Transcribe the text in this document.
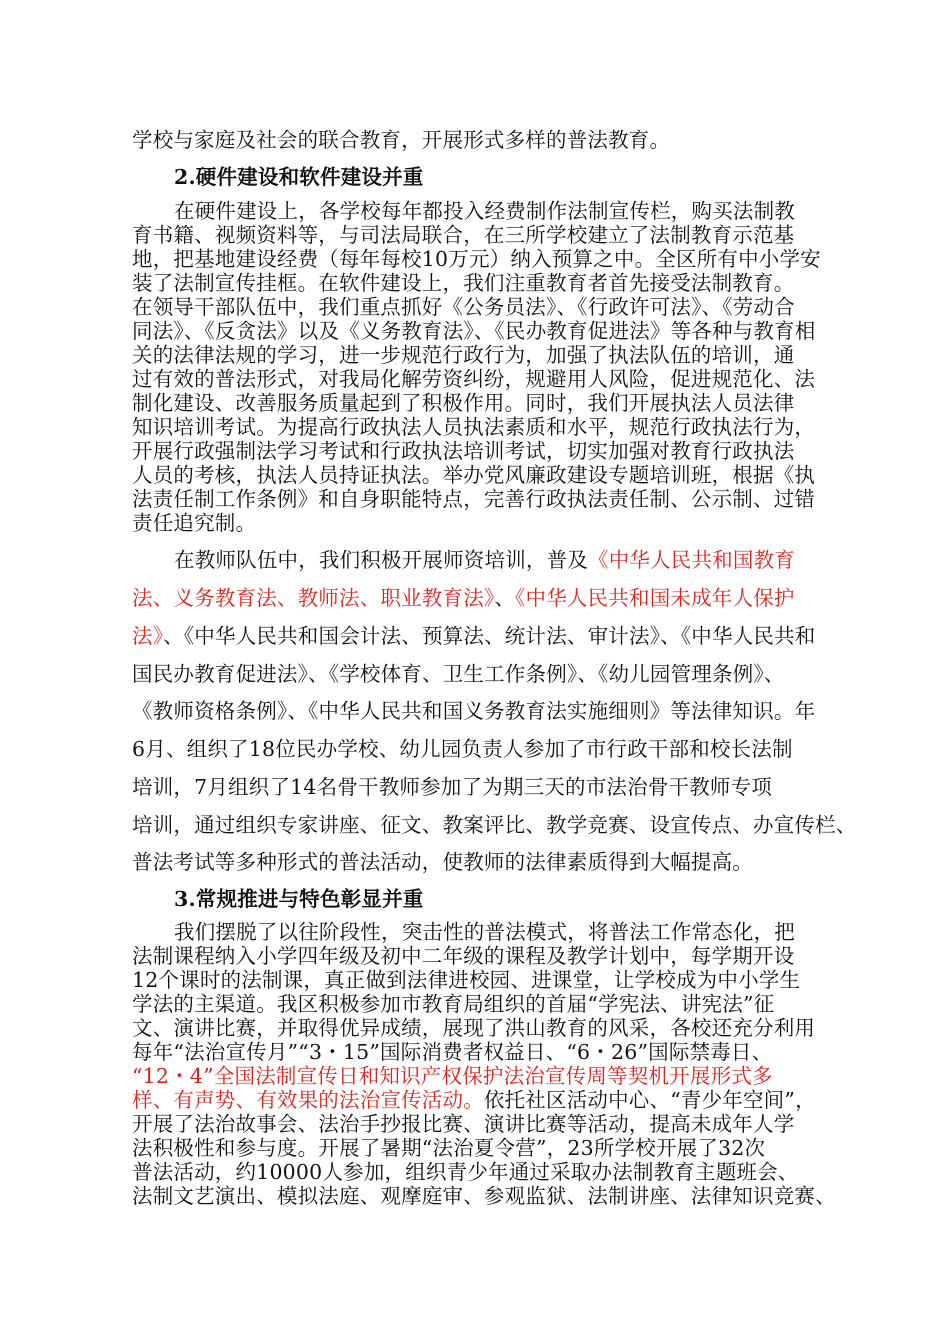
学校与家庭及社会的联合教育，开展形式多样的普法教育。
2.硬件建设和软件建设并重
在硬件建设上，各学校每年都投入经费制作法制宣传栏，购买法制教
育书籍、视频资料等，与司法局联合，在三所学校建立了法制教育示范基
地，把基地建设经费（每年每校10万元）纳入预算之中。全区所有中小学安
装了法制宣传挂框。在软件建设上，我们注重教育者首先接受法制教育。
在领导干部队伍中，我们重点抓好《公务员法》、《行政许可法》、《劳动合
同法》、《反贪法》以及《义务教育法》、《民办教育促进法》等各种与教育相
关的法律法规的学习，进一步规范行政行为，加强了执法队伍的培训，通
过有效的普法形式，对我局化解劳资纠纷，规避用人风险，促进规范化、法
制化建设、改善服务质量起到了积极作用。同时，我们开展执法人员法律
知识培训考试。为提高行政执法人员执法素质和水平，规范行政执法行为，
开展行政强制法学习考试和行政执法培训考试，切实加强对教育行政执法
人员的考核，执法人员持证执法。举办党风廉政建设专题培训班，根据《执
法责任制工作条例》和自身职能特点，完善行政执法责任制、公示制、过错
责任追究制。
在教师队伍中，我们积极开展师资培训，普及《中华人民共和国教育
法、义务教育法、教师法、职业教育法》、《中华人民共和国未成年人保护
法》、《中华人民共和国会计法、预算法、统计法、审计法》、《中华人民共和
国民办教育促进法》、《学校体育、卫生工作条例》、《幼儿园管理条例》、
《教师资格条例》、《中华人民共和国义务教育法实施细则》等法律知识。年
6月、组织了18位民办学校、幼儿园负责人参加了市行政干部和校长法制
培训，7月组织了14名骨干教师参加了为期三天的市法治骨干教师专项
培训，通过组织专家讲座、征文、教案评比、教学竞赛、设宣传点、办宣传栏、
普法考试等多种形式的普法活动，使教师的法律素质得到大幅提高。
3.常规推进与特色彰显并重
我们摆脱了以往阶段性，突击性的普法模式，将普法工作常态化，把
法制课程纳入小学四年级及初中二年级的课程及教学计划中，每学期开设
12个课时的法制课，真正做到法律进校园、进课堂，让学校成为中小学生
学法的主渠道。我区积极参加市教育局组织的首届“学宪法、讲宪法”征
文、演讲比赛，并取得优异成绩，展现了洪山教育的风采，各校还充分利用
每年“法治宣传月”“3・15”国际消费者权益日、“6・26”国际禁毒日、
“12・4”全国法制宣传日和知识产权保护法治宣传周等契机开展形式多
样、有声势、有效果的法治宣传活动。依托社区活动中心、“青少年空间”，
开展了法治故事会、法治手抄报比赛、演讲比赛等活动，提高未成年人学
法积极性和参与度。开展了暑期“法治夏令营”，23所学校开展了32次
普法活动，约10000人参加，组织青少年通过采取办法制教育主题班会、
法制文艺演出、模拟法庭、观摩庭审、参观监狱、法制讲座、法律知识竞赛、
